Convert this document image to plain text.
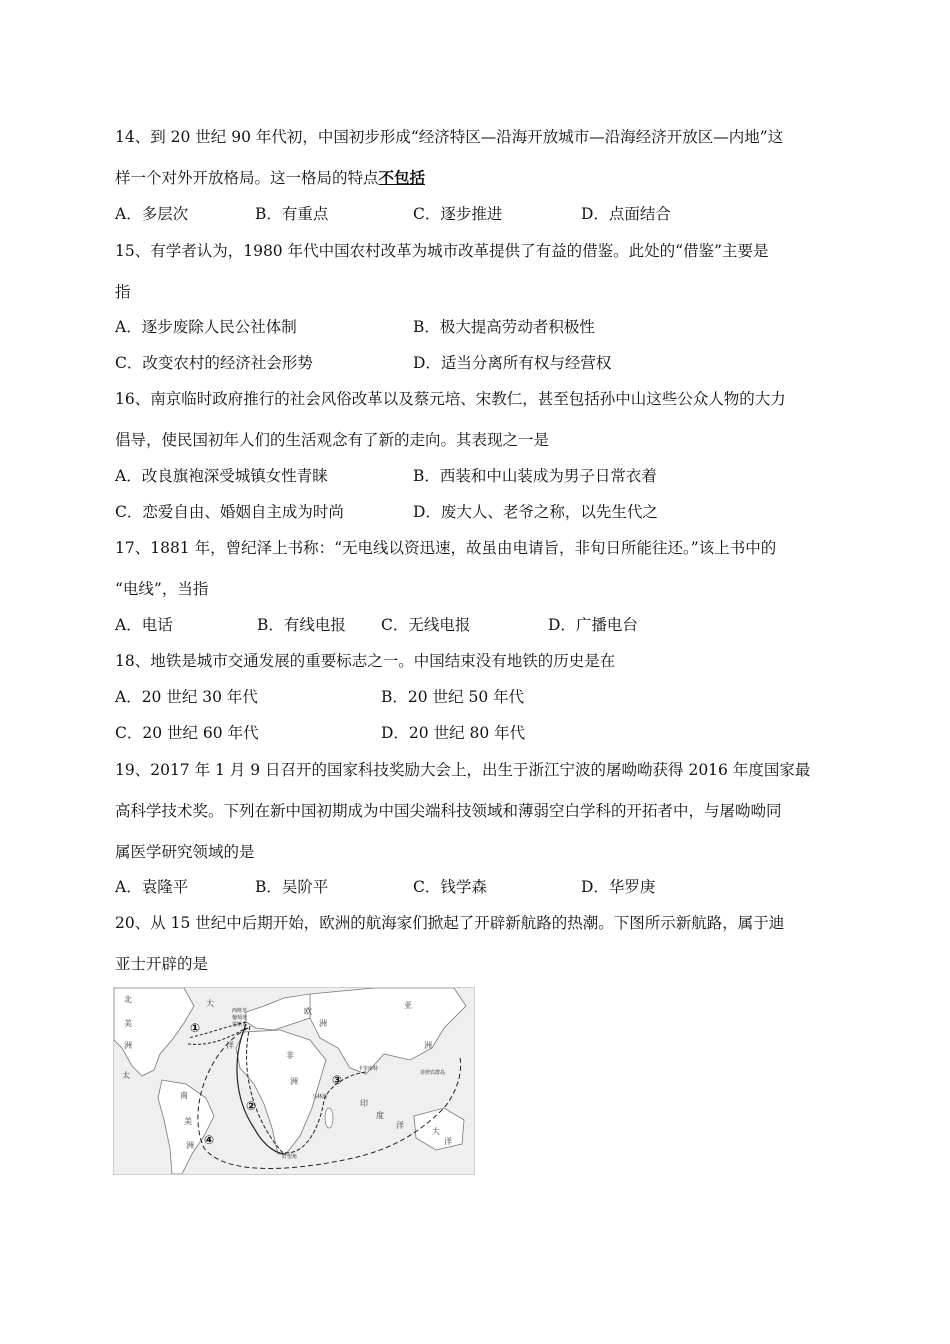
14、到 20 世纪 90 年代初，中国初步形成“经济特区—沿海开放城市—沿海经济开放区—内地”这
样一个对外开放格局。这一格局的特点不包括
A．多层次	B．有重点	C．逐步推进	D．点面结合
15、有学者认为，1980 年代中国农村改革为城市改革提供了有益的借鉴。此处的“借鉴”主要是
指
A．逐步废除人民公社体制	B．极大提高劳动者积极性
C．改变农村的经济社会形势	D．适当分离所有权与经营权
16、南京临时政府推行的社会风俗改革以及蔡元培、宋教仁，甚至包括孙中山这些公众人物的大力
倡导，使民国初年人们的生活观念有了新的走向。其表现之一是
A．改良旗袍深受城镇女性青睐	B．西装和中山装成为男子日常衣着
C．恋爱自由、婚姻自主成为时尚	D．废大人、老爷之称，以先生代之
17、1881 年，曾纪泽上书称：“无电线以资迅速，故虽由电请旨，非旬日所能往还。”该上书中的
“电线”，当指
A．电话	B．有线电报 C．无线电报	D．广播电台
18、地铁是城市交通发展的重要标志之一。中国结束没有地铁的历史是在
A．20 世纪 30 年代	B．20 世纪 50 年代
C．20 世纪 60 年代	D．20 世纪 80 年代
19、2017 年 1 月 9 日召开的国家科技奖励大会上，出生于浙江宁波的屠呦呦获得 2016 年度国家最
高科学技术奖。下列在新中国初期成为中国尖端科技领域和薄弱空白学科的开拓者中，与屠呦呦同
属医学研究领域的是
A．袁隆平	B．吴阶平	C．钱学森	D．华罗庚
20、从 15 世纪中后期开始，欧洲的航海家们掀起了开辟新航路的热潮。下图所示新航路，属于迪
亚士开辟的是
北
美
洲
大
太
欧
洲
非
洲
南
美
洲
亚
洲
印
度
洋
洋
大
洋
西班牙
葡萄牙
里斯本
马林迪
卡里库特
好望角
菲律宾群岛
①
②
③
④
